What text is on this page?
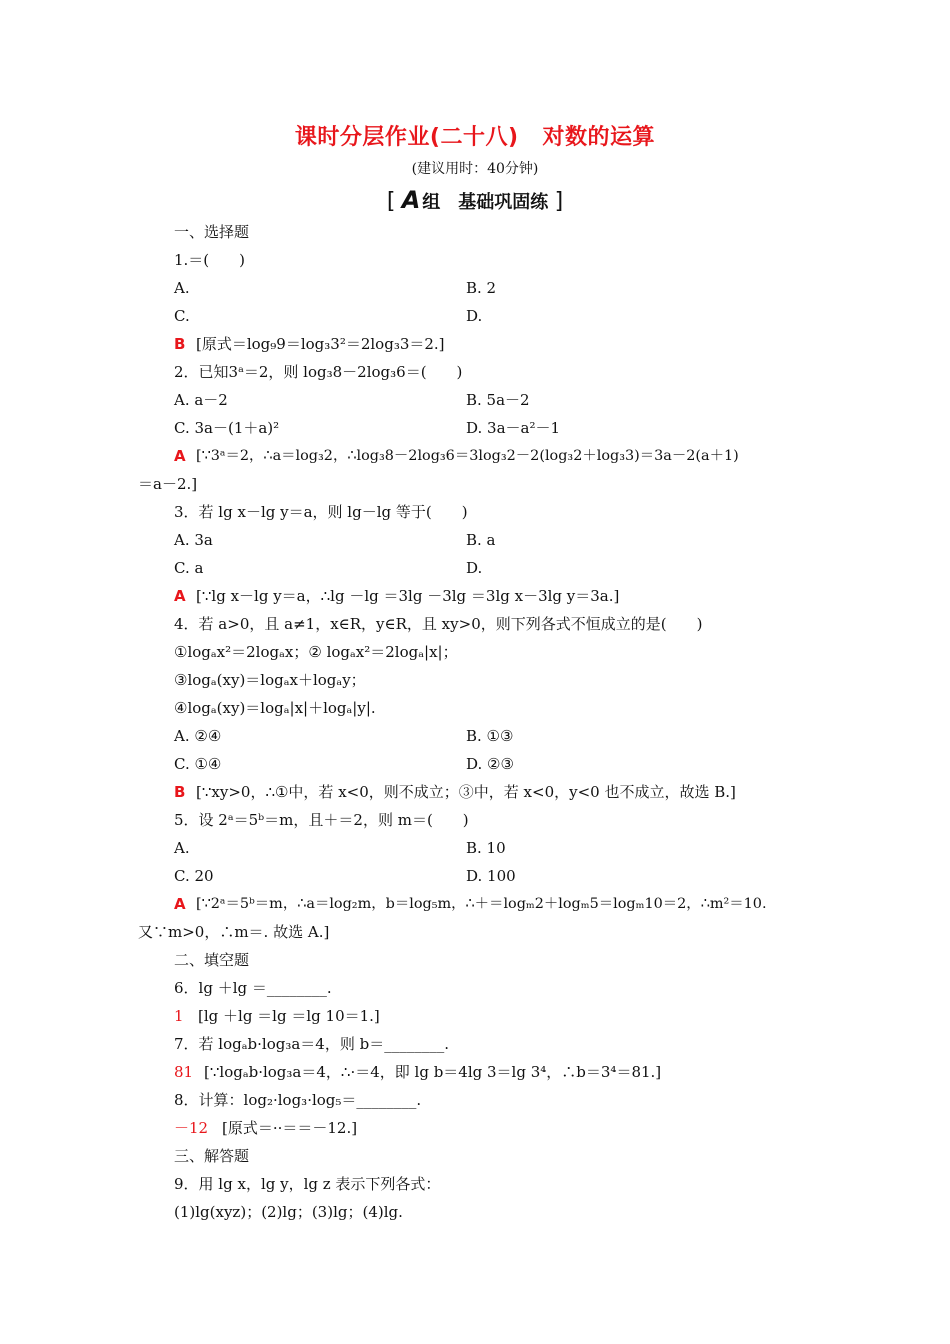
课时分层作业(二十八) 对数的运算
(建议用时：40分钟)
[ A 组　基础巩固练 ]
一、选择题
1.＝(　　)
A.	B. 2
C.	D.
B [原式＝log₉9＝log₃3²＝2log₃3＝2.]
2．已知3ᵃ＝2，则 log₃8－2log₃6＝(　　)
A. a－2	B. 5a－2
C. 3a－(1＋a)²	D. 3a－a²－1
A [∵3ᵃ＝2，∴a＝log₃2，∴log₃8－2log₃6＝3log₃2－2(log₃2＋log₃3)＝3a－2(a＋1)
＝a－2.]
3．若 lg x－lg y＝a，则 lg－lg 等于(　　)
A. 3a	B. a
C. a	D.
A [∵lg x－lg y＝a，∴lg －lg ＝3lg －3lg ＝3lg x－3lg y＝3a.]
4．若 a>0，且 a≠1，x∈R，y∈R，且 xy>0，则下列各式不恒成立的是(　　)
①logₐx²＝2logₐx；② logₐx²＝2logₐ|x|；
③logₐ(xy)＝logₐx＋logₐy；
④logₐ(xy)＝logₐ|x|＋logₐ|y|.
A. ②④	B. ①③
C. ①④	D. ②③
B [∵xy>0，∴①中，若 x<0，则不成立；③中，若 x<0，y<0 也不成立，故选 B.]
5．设 2ᵃ＝5ᵇ＝m，且＋＝2，则 m＝(　　)
A.	B. 10
C. 20	D. 100
A [∵2ᵃ＝5ᵇ＝m，∴a＝log₂m，b＝log₅m，∴＋＝logₘ2＋logₘ5＝logₘ10＝2，∴m²＝10.
又∵m>0，∴m＝. 故选 A.]
二、填空题
6．lg ＋lg ＝________.
1 [lg ＋lg ＝lg ＝lg 10＝1.]
7．若 logₐb·log₃a＝4，则 b＝________.
81 [∵logₐb·log₃a＝4，∴·＝4，即 lg b＝4lg 3＝lg 3⁴，∴b＝3⁴＝81.]
8．计算：log₂·log₃·log₅＝________.
－12 [原式＝··＝＝－12.]
三、解答题
9．用 lg x，lg y，lg z 表示下列各式：
(1)lg(xyz)；(2)lg；(3)lg；(4)lg.
